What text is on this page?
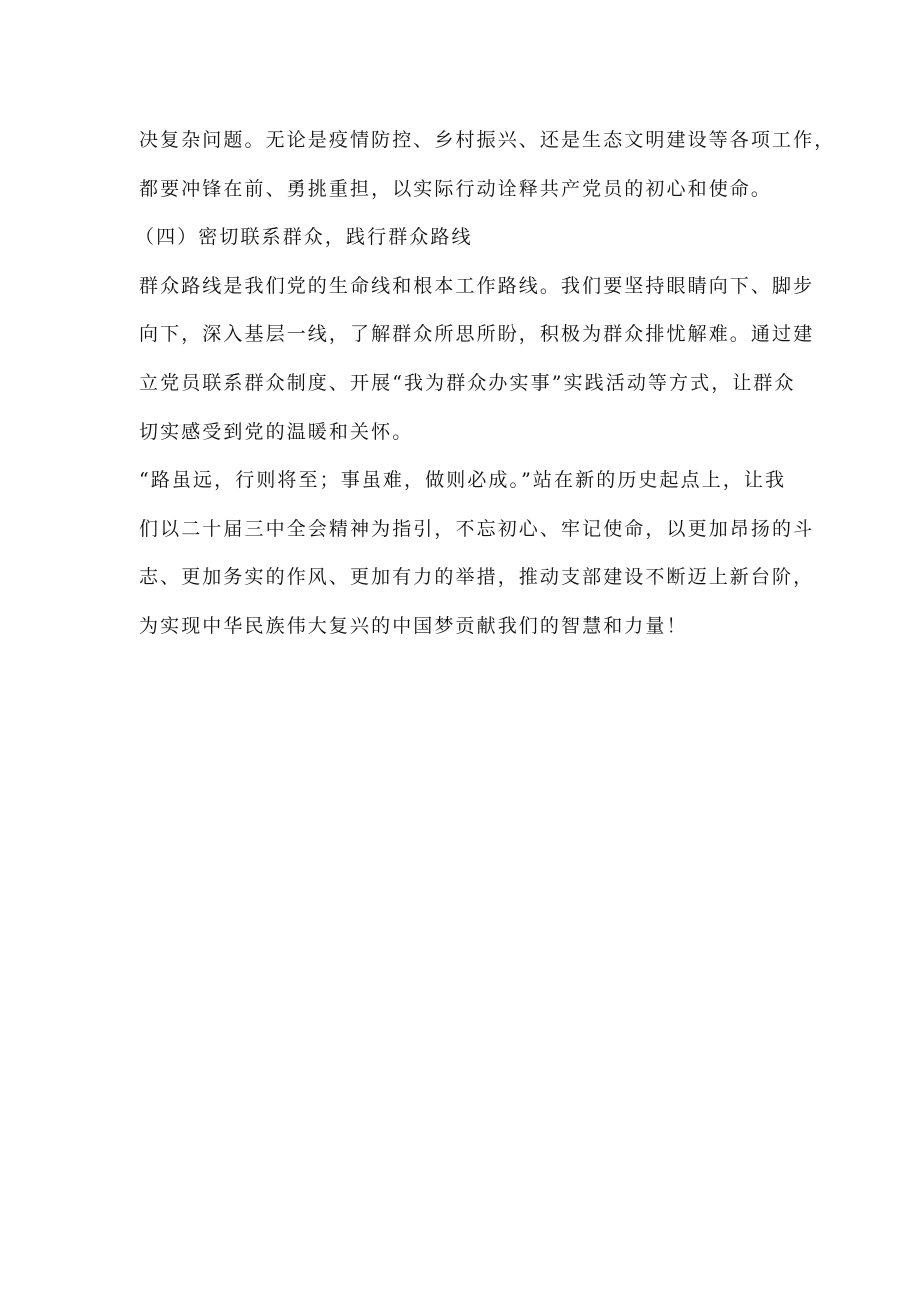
决复杂问题。无论是疫情防控、乡村振兴、还是生态文明建设等各项工作，
都要冲锋在前、勇挑重担，以实际行动诠释共产党员的初心和使命。
（四）密切联系群众，践行群众路线
群众路线是我们党的生命线和根本工作路线。我们要坚持眼睛向下、脚步
向下，深入基层一线，了解群众所思所盼，积极为群众排忧解难。通过建
立党员联系群众制度、开展“我为群众办实事”实践活动等方式，让群众
切实感受到党的温暖和关怀。
“路虽远，行则将至；事虽难，做则必成。”站在新的历史起点上，让我
们以二十届三中全会精神为指引，不忘初心、牢记使命，以更加昂扬的斗
志、更加务实的作风、更加有力的举措，推动支部建设不断迈上新台阶，
为实现中华民族伟大复兴的中国梦贡献我们的智慧和力量！
